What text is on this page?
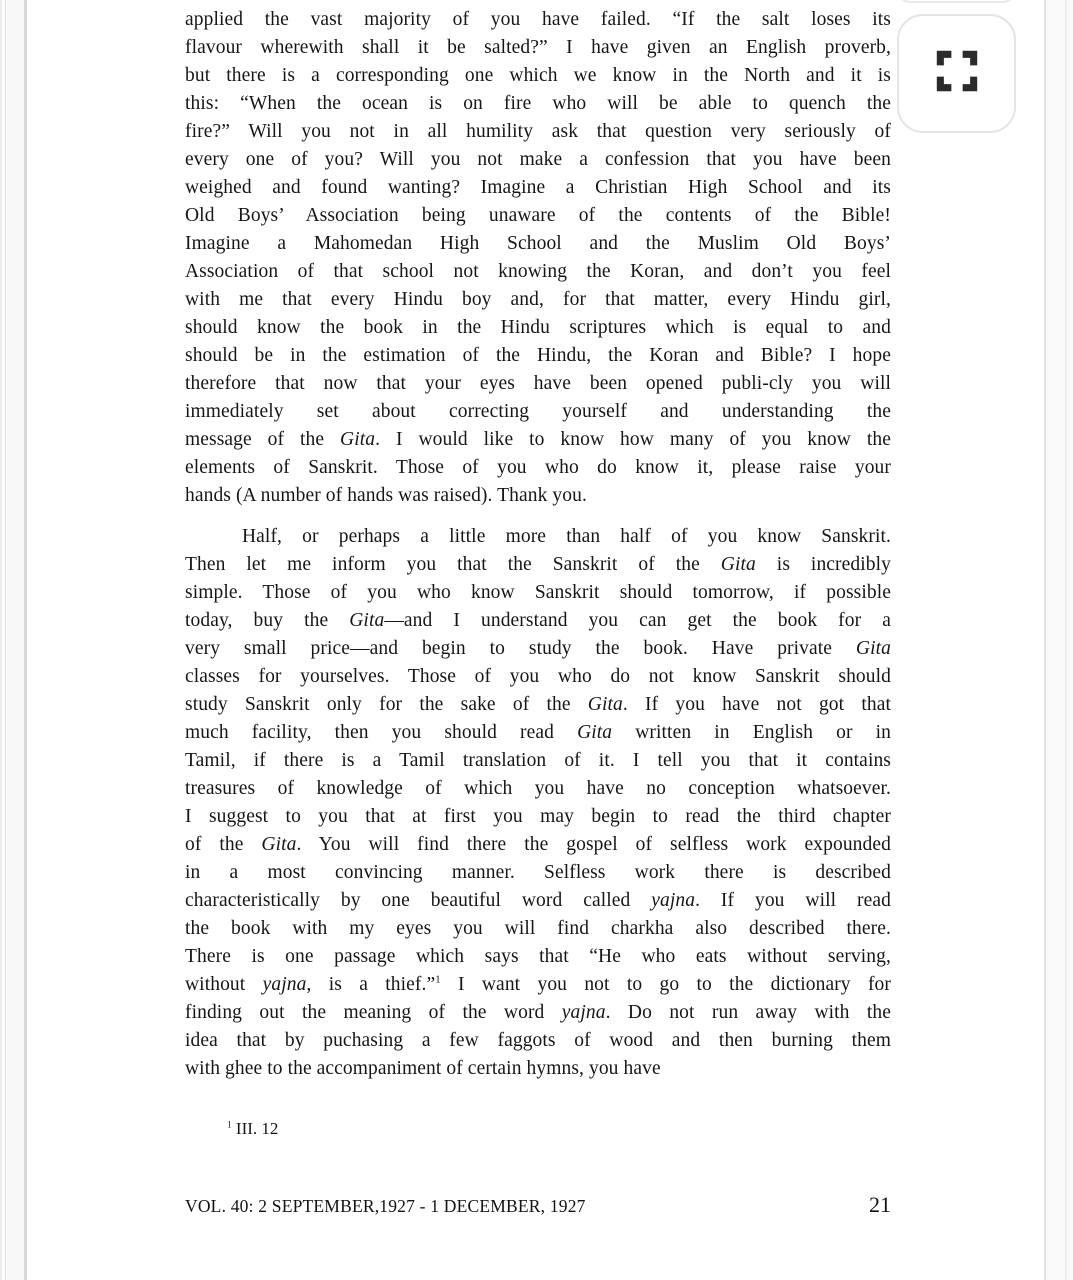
applied the vast majority of you have failed. “If the salt loses its
flavour wherewith shall it be salted?” I have given an English proverb,
but there is a corresponding one which we know in the North and it is
this: “When the ocean is on fire who will be able to quench the
fire?” Will you not in all humility ask that question very seriously of
every one of you? Will you not make a confession that you have been
weighed and found wanting? Imagine a Christian High School and its
Old Boys’ Association being unaware of the contents of the Bible!
Imagine a Mahomedan High School and the Muslim Old Boys’
Association of that school not knowing the Koran, and don’t you feel
with me that every Hindu boy and, for that matter, every Hindu girl,
should know the book in the Hindu scriptures which is equal to and
should be in the estimation of the Hindu, the Koran and Bible? I hope
therefore that now that your eyes have been opened publi-cly you will
immediately set about correcting yourself and understanding the
message of the Gita. I would like to know how many of you know the
elements of Sanskrit. Those of you who do know it, please raise your
hands (A number of hands was raised). Thank you.
Half, or perhaps a little more than half of you know Sanskrit.
Then let me inform you that the Sanskrit of the Gita is incredibly
simple. Those of you who know Sanskrit should tomorrow, if possible
today, buy the Gita—and I understand you can get the book for a
very small price—and begin to study the book. Have private Gita
classes for yourselves. Those of you who do not know Sanskrit should
study Sanskrit only for the sake of the Gita. If you have not got that
much facility, then you should read Gita written in English or in
Tamil, if there is a Tamil translation of it. I tell you that it contains
treasures of knowledge of which you have no conception whatsoever.
I suggest to you that at first you may begin to read the third chapter
of the Gita. You will find there the gospel of selfless work expounded
in a most convincing manner. Selfless work there is described
characteristically by one beautiful word called yajna. If you will read
the book with my eyes you will find charkha also described there.
There is one passage which says that “He who eats without serving,
without yajna, is a thief.”$^1$ I want you not to go to the dictionary for
finding out the meaning of the word yajna. Do not run away with the
idea that by puchasing a few faggots of wood and then burning them
with ghee to the accompaniment of certain hymns, you have
$^1$ III. 12
VOL. 40: 2 SEPTEMBER,1927 - 1 DECEMBER, 1927	21
